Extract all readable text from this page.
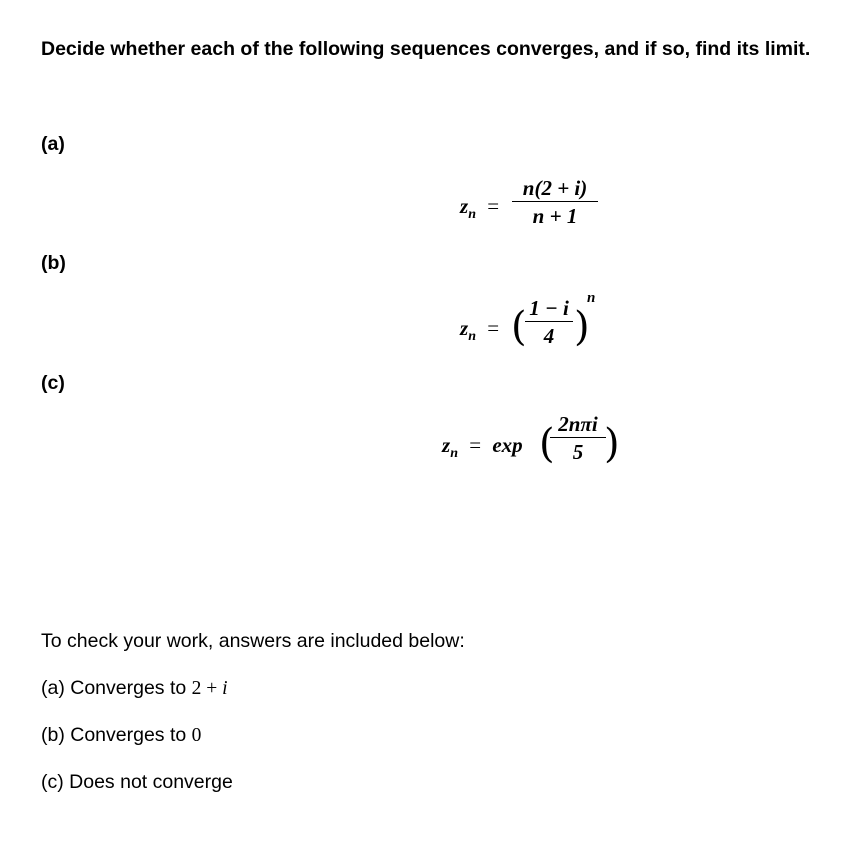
Decide whether each of the following sequences converges, and if so, find its limit.
(a)
$z_n$ =
n(2 + i)
n + 1
(b)
$z_n$ = ( 1 − i
4 )
n
(c)
$z_n = \exp$ ( 2nπi
5 )
To check your work, answers are included below:
(a) Converges to 2 + i
(b) Converges to 0
(c) Does not converge
